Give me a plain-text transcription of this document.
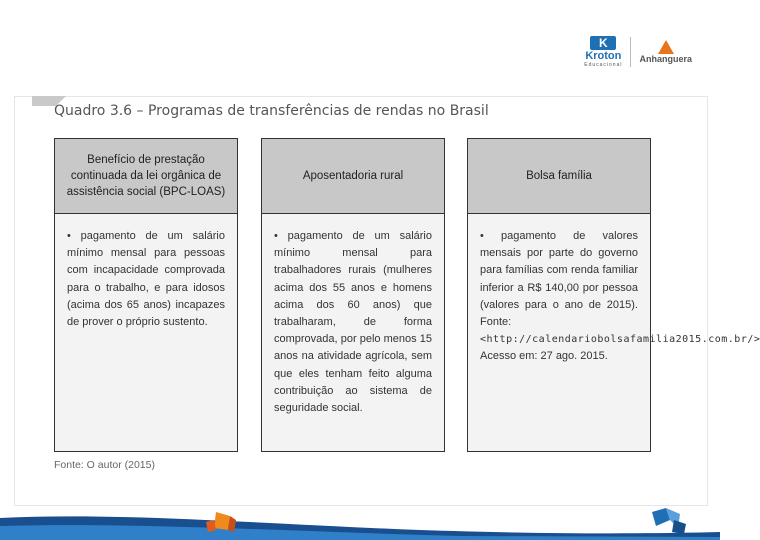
K
Kroton
Educacional
Anhanguera
Quadro 3.6 – Programas de transferências de rendas no Brasil
Benefício de prestação continuada da lei orgânica de assistência social (BPC-LOAS)
• pagamento de um salário mínimo mensal para pessoas com incapacidade comprovada para o trabalho, e para idosos (acima dos 65 anos) incapazes de prover o próprio sustento.
Aposentadoria rural
• pagamento de um salário mínimo mensal para trabalhadores rurais (mulheres acima dos 55 anos e homens acima dos 60 anos) que trabalharam, de forma comprovada, por pelo menos 15 anos na atividade agrícola, sem que eles tenham feito alguma contribuição ao sistema de seguridade social.
Bolsa família
• pagamento de valores mensais por parte do governo para famílias com renda familiar inferior a R$ 140,00 por pessoa (valores para o ano de 2015). Fonte: <http://calendariobolsafamilia2015.com.br/> Acesso em: 27 ago. 2015.
Fonte: O autor (2015)
